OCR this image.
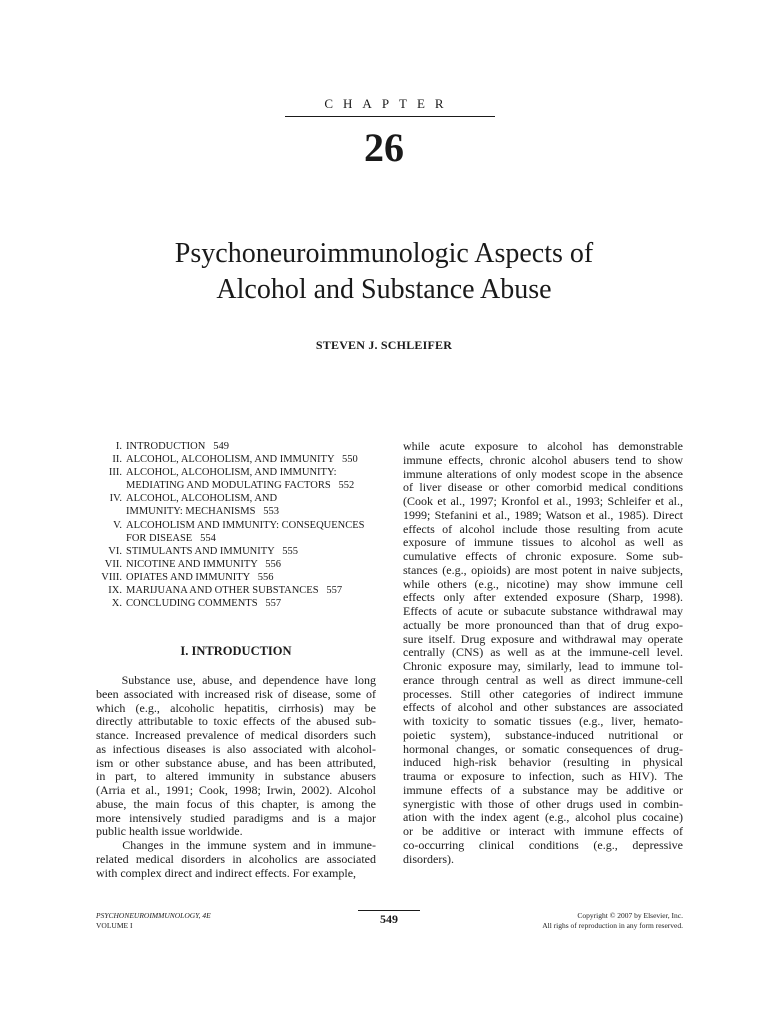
CHAPTER
26
Psychoneuroimmunologic Aspects of
Alcohol and Substance Abuse
STEVEN J. SCHLEIFER
I. INTRODUCTION   549
II. ALCOHOL, ALCOHOLISM, AND IMMUNITY   550
III. ALCOHOL, ALCOHOLISM, AND IMMUNITY:
MEDIATING AND MODULATING FACTORS   552
IV. ALCOHOL, ALCOHOLISM, AND
IMMUNITY: MECHANISMS   553
V. ALCOHOLISM AND IMMUNITY: CONSEQUENCES
FOR DISEASE   554
VI. STIMULANTS AND IMMUNITY   555
VII. NICOTINE AND IMMUNITY   556
VIII. OPIATES AND IMMUNITY   556
IX. MARIJUANA AND OTHER SUBSTANCES   557
X. CONCLUDING COMMENTS   557
I. INTRODUCTION

Substance use, abuse, and dependence have long
been associated with increased risk of disease, some of
which (e.g., alcoholic hepatitis, cirrhosis) may be
directly attributable to toxic effects of the abused sub-
stance. Increased prevalence of medical disorders such
as infectious diseases is also associated with alcohol-
ism or other substance abuse, and has been attributed,
in part, to altered immunity in substance abusers
(Arria et al., 1991; Cook, 1998; Irwin, 2002). Alcohol
abuse, the main focus of this chapter, is among the
more intensively studied paradigms and is a major
public health issue worldwide.

Changes in the immune system and in immune-
related medical disorders in alcoholics are associated
with complex direct and indirect effects. For example,

while acute exposure to alcohol has demonstrable
immune effects, chronic alcohol abusers tend to show
immune alterations of only modest scope in the absence
of liver disease or other comorbid medical conditions
(Cook et al., 1997; Kronfol et al., 1993; Schleifer et al.,
1999; Stefanini et al., 1989; Watson et al., 1985). Direct
effects of alcohol include those resulting from acute
exposure of immune tissues to alcohol as well as
cumulative effects of chronic exposure. Some sub-
stances (e.g., opioids) are most potent in naive subjects,
while others (e.g., nicotine) may show immune cell
effects only after extended exposure (Sharp, 1998).
Effects of acute or subacute substance withdrawal may
actually be more pronounced than that of drug expo-
sure itself. Drug exposure and withdrawal may operate
centrally (CNS) as well as at the immune-cell level.
Chronic exposure may, similarly, lead to immune tol-
erance through central as well as direct immune-cell
processes. Still other categories of indirect immune
effects of alcohol and other substances are associated
with toxicity to somatic tissues (e.g., liver, hemato-
poietic system), substance-induced nutritional or
hormonal changes, or somatic consequences of drug-
induced high-risk behavior (resulting in physical
trauma or exposure to infection, such as HIV). The
immune effects of a substance may be additive or
synergistic with those of other drugs used in combin-
ation with the index agent (e.g., alcohol plus cocaine)
or be additive or interact with immune effects of
co-occurring clinical conditions (e.g., depressive
disorders).

PSYCHONEUROIMMUNOLOGY, 4E
VOLUME I	549	Copyright © 2007 by Elsevier, Inc.
All righs of reproduction in any form reserved.
